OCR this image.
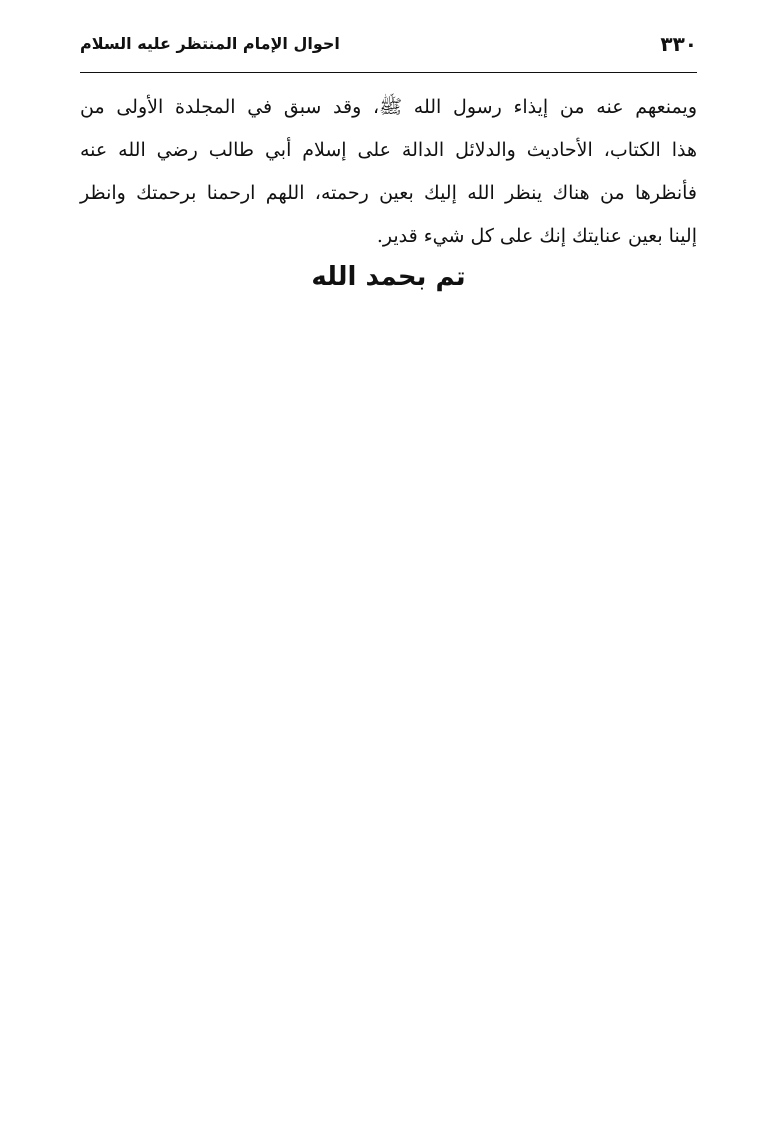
٣٣٠
احوال الإمام المنتظر عليه السلام
ويمنعهم عنه من إيذاء رسول الله ﷺ، وقد سبق في المجلدة الأولى من
هذا الكتاب، الأحاديث والدلائل الدالة على إسلام أبي طالب رضي الله عنه
فأنظرها من هناك ينظر الله إليك بعين رحمته، اللهم ارحمنا برحمتك وانظر
إلينا بعين عنايتك إنك على كل شيء قدير.
تم بحمد الله
